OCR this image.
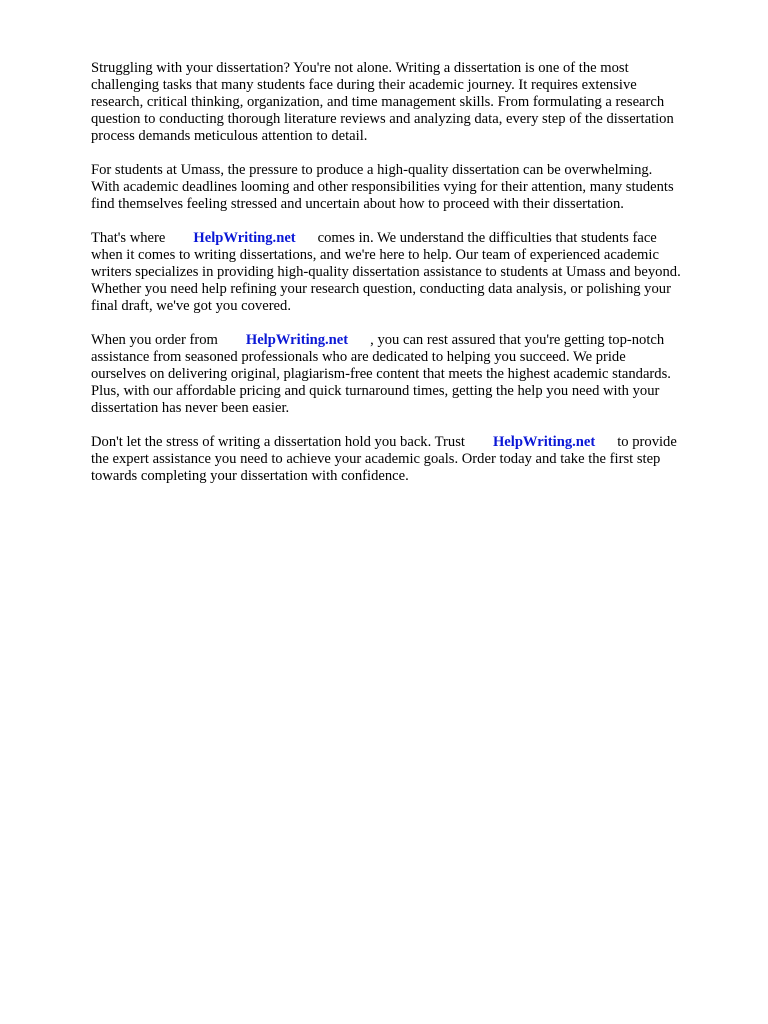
Struggling with your dissertation? You're not alone. Writing a dissertation is one of the most
challenging tasks that many students face during their academic journey. It requires extensive
research, critical thinking, organization, and time management skills. From formulating a research
question to conducting thorough literature reviews and analyzing data, every step of the dissertation
process demands meticulous attention to detail.

For students at Umass, the pressure to produce a high-quality dissertation can be overwhelming.
With academic deadlines looming and other responsibilities vying for their attention, many students
find themselves feeling stressed and uncertain about how to proceed with their dissertation.

That's where HelpWriting.net comes in. We understand the difficulties that students face
when it comes to writing dissertations, and we're here to help. Our team of experienced academic
writers specializes in providing high-quality dissertation assistance to students at Umass and beyond.
Whether you need help refining your research question, conducting data analysis, or polishing your
final draft, we've got you covered.

When you order from HelpWriting.net , you can rest assured that you're getting top-notch
assistance from seasoned professionals who are dedicated to helping you succeed. We pride
ourselves on delivering original, plagiarism-free content that meets the highest academic standards.
Plus, with our affordable pricing and quick turnaround times, getting the help you need with your
dissertation has never been easier.

Don't let the stress of writing a dissertation hold you back. Trust HelpWriting.net to provide
the expert assistance you need to achieve your academic goals. Order today and take the first step
towards completing your dissertation with confidence.
